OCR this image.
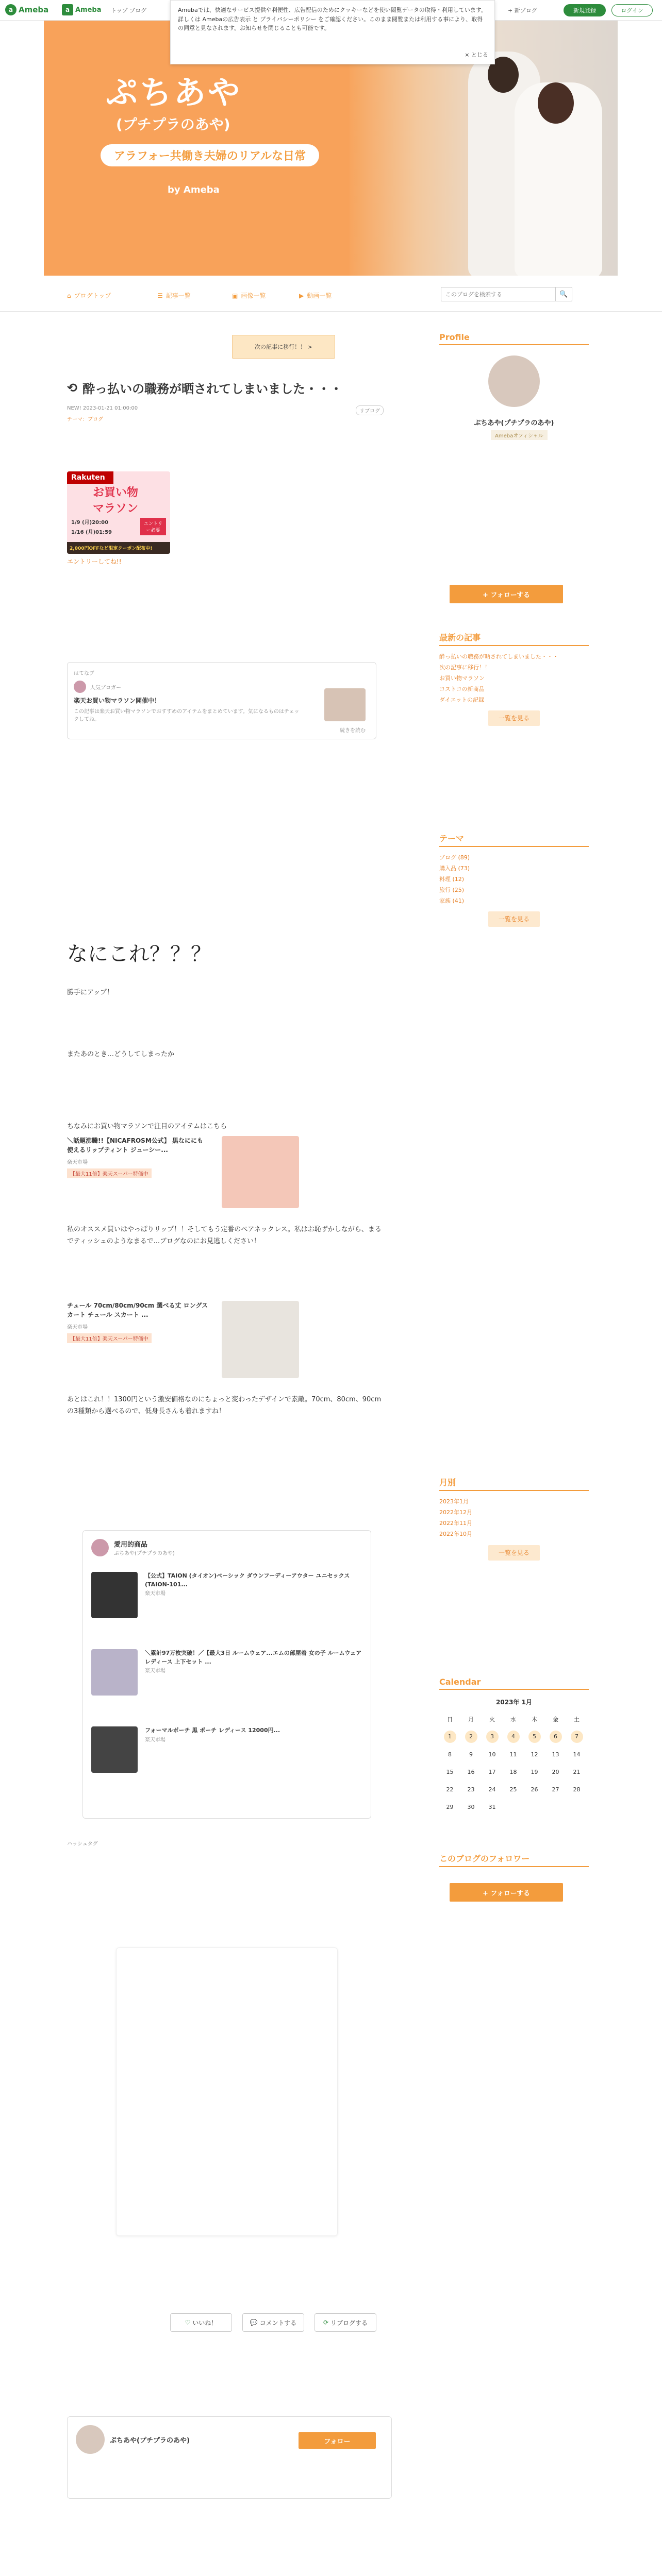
a Ameba	a Ameba トップ ブログ	+ 新プログ	新規登録	ログイン
Amebaでは、快適なサービス提供や利便性、広告配信のためにクッキーなどを使い閲覧データの取得・利用しています。詳しくは Amebaの広告表示 と プライバシーポリシー をご確認ください。このまま閲覧または利用する事により、取得の同意と見なされます。お知らせを閉じることも可能です。
× とじる
ぷちあや
(プチプラのあや)
アラフォー共働き夫婦のリアルな日常
by Ameba
⌂ ブログトップ	☰ 記事一覧	▣ 画像一覧	▶ 動画一覧
このブログを検索する	🔍
次の記事に移行！！ >
⟲ 酔っ払いの職務が晒されてしまいました・・・
NEW! 2023-01-21 01:00:00
テーマ：ブログ
リブログ
Rakuten
お買い物
マラソン
1/9 (月)20:00
1/16 (月)01:59
エントリー必要
2,000円OFFなど限定クーポン配布中!
エントリーしてね!!
はてなブ
人気ブロガー
楽天お買い物マラソン開催中！
この記事は楽天お買い物マラソンでおすすめのアイテムをまとめています。気になるものはチェックしてね。
続きを読む
なにこれ？？？
勝手にアップ！
またあのとき…どうしてしまったか
ちなみにお買い物マラソンで注目のアイテムはこちら
＼話題沸騰!!【NICAFROSM公式】 黒なににも使えるリップティント ジューシー...
楽天市場
【最大11倍】楽天スーパー特価中
私のオススメ買いはやっぱりリップ！！そしてもう定番のペアネックレス。私はお恥ずかしながら、まるでティッシュのようなまるで...ブログなのにお見逃しください！
チュール 70cm/80cm/90cm 選べる丈 ロングスカート チュール スカート ...
楽天市場
【最大11倍】楽天スーパー特価中
あとはこれ！！1300円という激安価格なのにちょっと変わったデザインで素敵。70cm、80cm、90cmの3種類から選べるので、低身長さんも着れますね！
愛用的商品
ぷちあや(プチプラのあや)
【公式】TAION (タイオン)ベーシック ダウンフーディーアウター ユニセックス (TAION-101...
楽天市場
＼累計97万枚突破！／【最大3日 ルームウェア...エムの部屋着 女の子 ルームウェア レディース 上下セット ...
楽天市場
フォーマルポーチ 黒 ポーチ レディース 12000円...
楽天市場
ハッシュタグ
Profile
ぷちあや(プチプラのあや)
Amebaオフィシャル
+ フォローする
最新の記事
酔っ払いの職務が晒されてしまいました・・・
次の記事に移行！！
お買い物マラソン
コストコの新商品
ダイエットの記録
一覧を見る
テーマ
ブログ (89)
購入品 (73)
料理 (12)
旅行 (25)
家族 (41)
一覧を見る
月別
2023年1月
2022年12月
2022年11月
2022年10月
一覧を見る
Calendar
2023年 1月
日	月	火	水	木	金	土
1	2	3	4	5	6	7
8	9	10	11	12	13	14
15	16	17	18	19	20	21
22	23	24	25	26	27	28
29	30	31				
このブログのフォロワー
+ フォローする
♡ いいね！	💬 コメントする	⟳ リブログする
ぷちあや(プチプラのあや)	フォロー
